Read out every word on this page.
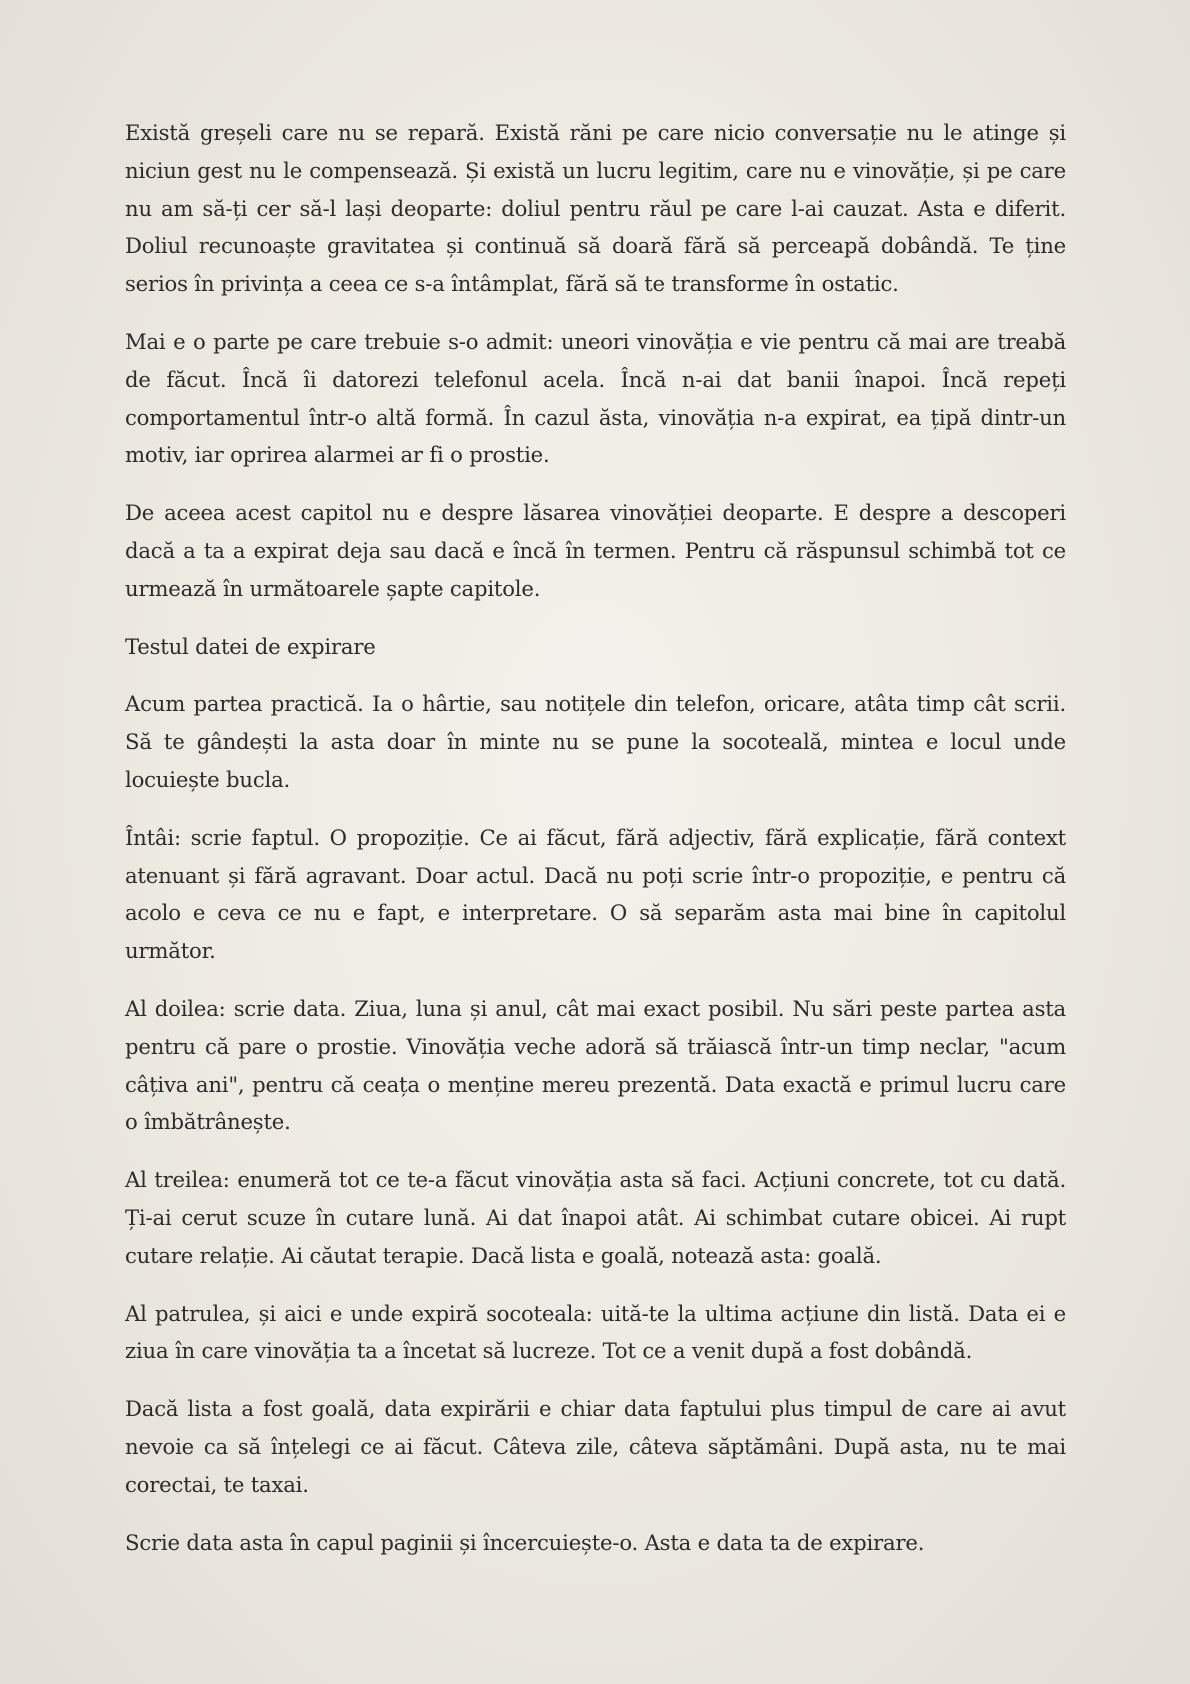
Există greșeli care nu se repară. Există răni pe care nicio conversație nu le atinge și niciun gest nu le compensează. Și există un lucru legitim, care nu e vinovăție, și pe care nu am să-ți cer să-l lași deoparte: doliul pentru răul pe care l-ai cauzat. Asta e diferit. Doliul recunoaște gravitatea și continuă să doară fără să perceapă dobândă. Te ține serios în privința a ceea ce s-a întâmplat, fără să te transforme în ostatic.

Mai e o parte pe care trebuie s-o admit: uneori vinovăția e vie pentru că mai are treabă de făcut. Încă îi datorezi telefonul acela. Încă n-ai dat banii înapoi. Încă repeți comportamentul într-o altă formă. În cazul ăsta, vinovăția n-a expirat, ea țipă dintr-un motiv, iar oprirea alarmei ar fi o prostie.

De aceea acest capitol nu e despre lăsarea vinovăției deoparte. E despre a descoperi dacă a ta a expirat deja sau dacă e încă în termen. Pentru că răspunsul schimbă tot ce urmează în următoarele șapte capitole.

Testul datei de expirare

Acum partea practică. Ia o hârtie, sau notițele din telefon, oricare, atâta timp cât scrii. Să te gândești la asta doar în minte nu se pune la socoteală, mintea e locul unde locuiește bucla.

Întâi: scrie faptul. O propoziție. Ce ai făcut, fără adjectiv, fără explicație, fără context atenuant și fără agravant. Doar actul. Dacă nu poți scrie într-o propoziție, e pentru că acolo e ceva ce nu e fapt, e interpretare. O să separăm asta mai bine în capitolul următor.

Al doilea: scrie data. Ziua, luna și anul, cât mai exact posibil. Nu sări peste partea asta pentru că pare o prostie. Vinovăția veche adoră să trăiască într-un timp neclar, "acum câțiva ani", pentru că ceața o menține mereu prezentă. Data exactă e primul lucru care o îmbătrânește.

Al treilea: enumeră tot ce te-a făcut vinovăția asta să faci. Acțiuni concrete, tot cu dată. Ți-ai cerut scuze în cutare lună. Ai dat înapoi atât. Ai schimbat cutare obicei. Ai rupt cutare relație. Ai căutat terapie. Dacă lista e goală, notează asta: goală.

Al patrulea, și aici e unde expiră socoteala: uită-te la ultima acțiune din listă. Data ei e ziua în care vinovăția ta a încetat să lucreze. Tot ce a venit după a fost dobândă.

Dacă lista a fost goală, data expirării e chiar data faptului plus timpul de care ai avut nevoie ca să înțelegi ce ai făcut. Câteva zile, câteva săptămâni. După asta, nu te mai corectai, te taxai.

Scrie data asta în capul paginii și încercuiește-o. Asta e data ta de expirare.
